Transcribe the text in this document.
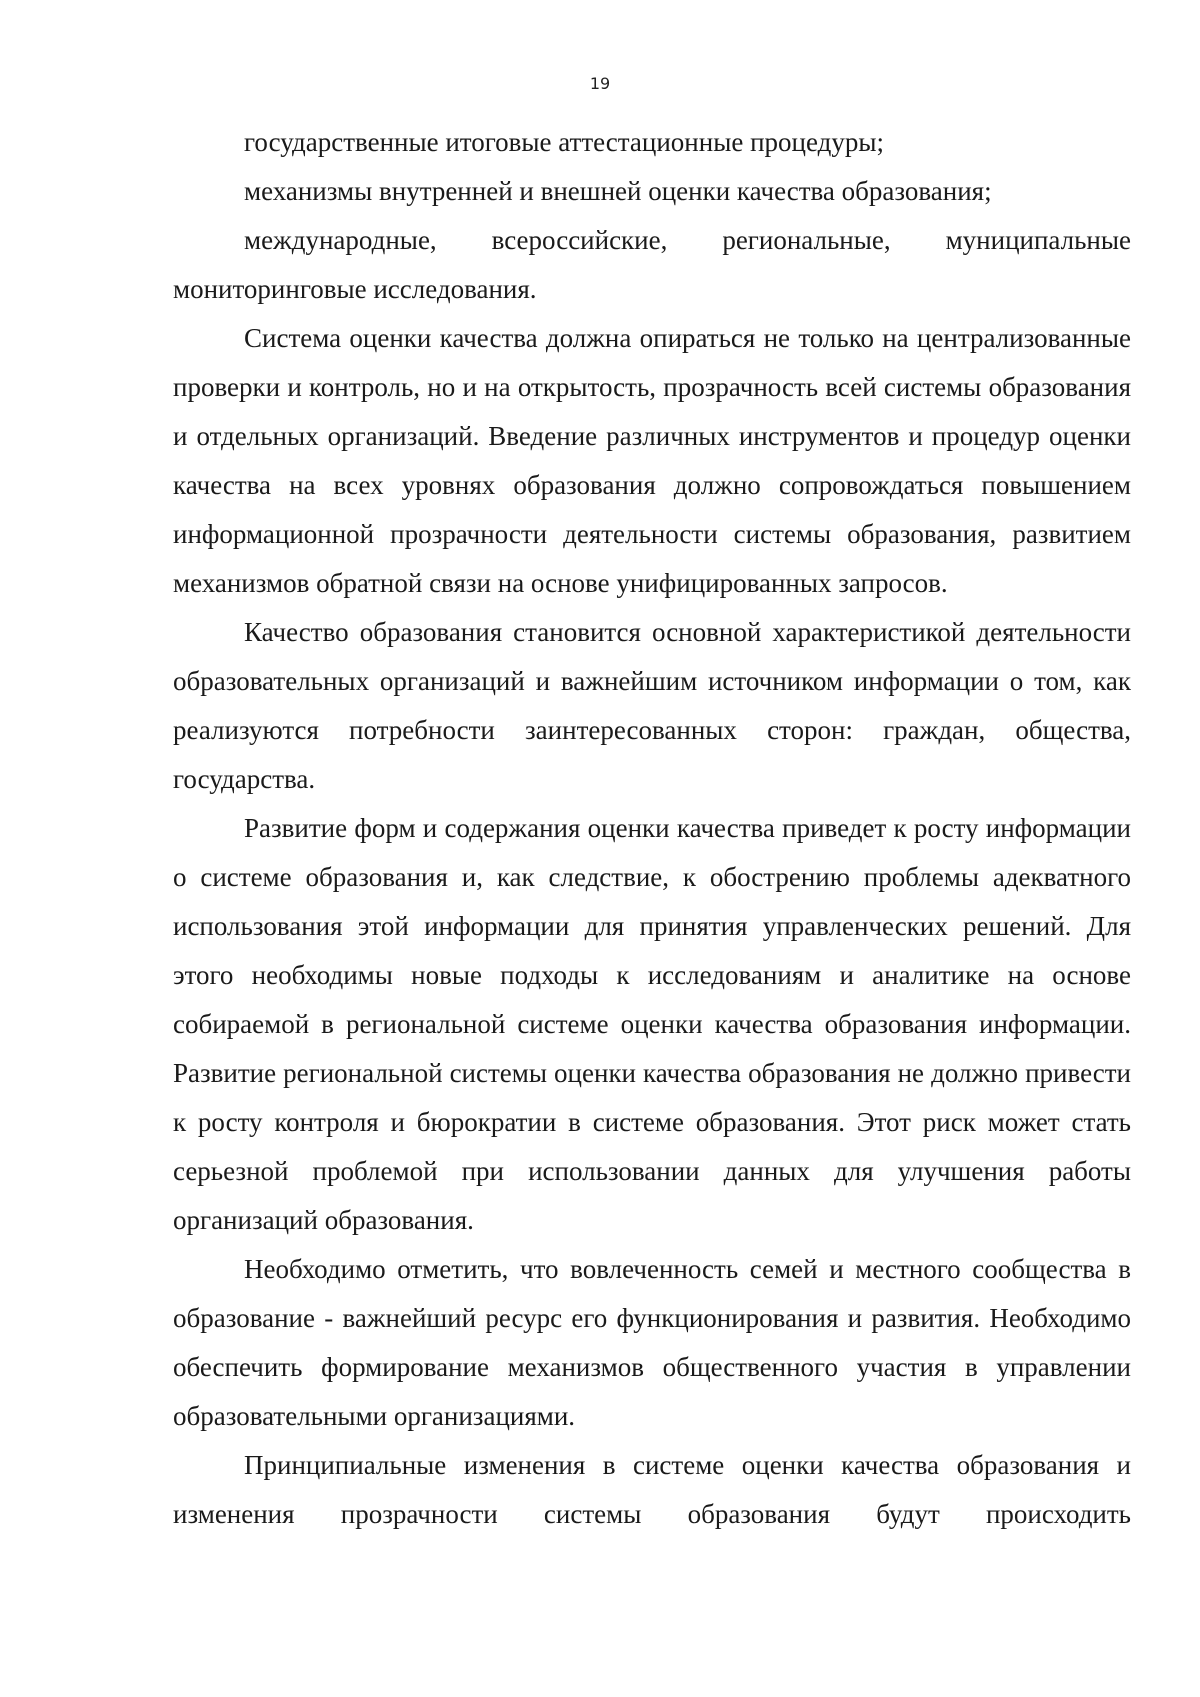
19

государственные итоговые аттестационные процедуры;

механизмы внутренней и внешней оценки качества образования;

международные, всероссийские, региональные, муниципальные мониторинговые исследования.

Система оценки качества должна опираться не только на централизованные проверки и контроль, но и на открытость, прозрачность всей системы образования и отдельных организаций. Введение различных инструментов и процедур оценки качества на всех уровнях образования должно сопровождаться повышением информационной прозрачности деятельности системы образования, развитием механизмов обратной связи на основе унифицированных запросов.

Качество образования становится основной характеристикой деятельности образовательных организаций и важнейшим источником информации о том, как реализуются потребности заинтересованных сторон: граждан, общества, государства.

Развитие форм и содержания оценки качества приведет к росту информации о системе образования и, как следствие, к обострению проблемы адекватного использования этой информации для принятия управленческих решений. Для этого необходимы новые подходы к исследованиям и аналитике на основе собираемой в региональной системе оценки качества образования информации. Развитие региональной системы оценки качества образования не должно привести к росту контроля и бюрократии в системе образования. Этот риск может стать серьезной проблемой при использовании данных для улучшения работы организаций образования.

Необходимо отметить, что вовлеченность семей и местного сообщества в образование - важнейший ресурс его функционирования и развития. Необходимо обеспечить формирование механизмов общественного участия в управлении образовательными организациями.

Принципиальные изменения в системе оценки качества образования и изменения прозрачности системы образования будут происходить
